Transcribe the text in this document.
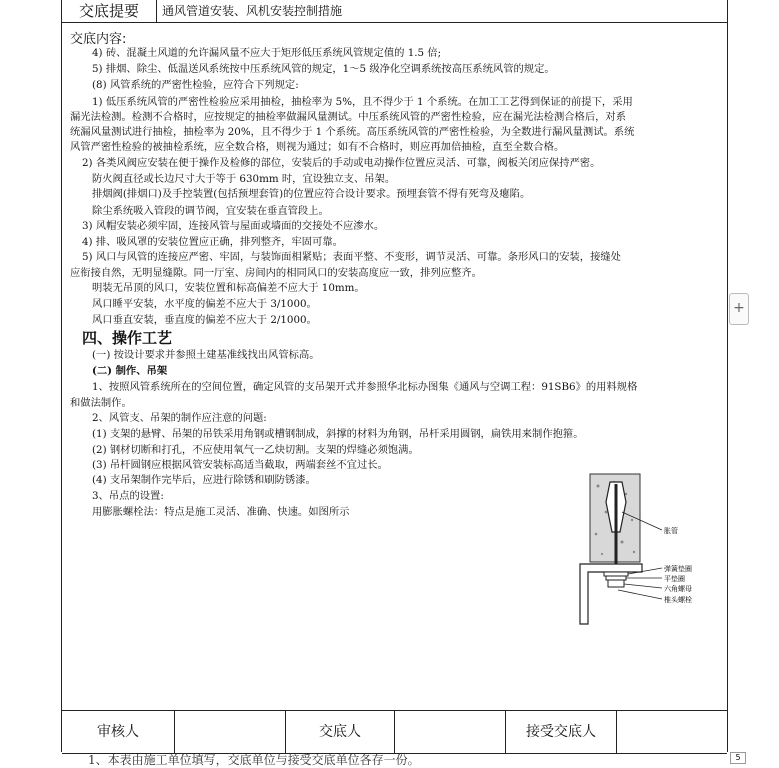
交底提要	通风管道安装、风机安装控制措施
交底内容:
4) 砖、混凝土风道的允许漏风量不应大于矩形低压系统风管规定值的 1.5 倍;
5) 排烟、除尘、低温送风系统按中压系统风管的规定，1～5 级净化空调系统按高压系统风管的规定。
(8) 风管系统的严密性检验，应符合下列规定:
1) 低压系统风管的严密性检验应采用抽检，抽检率为 5%，且不得少于 1 个系统。在加工工艺得到保证的前提下，采用
漏光法检测。检测不合格时，应按规定的抽检率做漏风量测试。中压系统风管的严密性检验，应在漏光法检测合格后，对系
统漏风量测试进行抽检，抽检率为 20%，且不得少于 1 个系统。高压系统风管的严密性检验，为全数进行漏风量测试。系统
风管严密性检验的被抽检系统，应全数合格，则视为通过；如有不合格时，则应再加倍抽检，直至全数合格。
2) 各类风阀应安装在便于操作及检修的部位，安装后的手动或电动操作位置应灵活、可靠，阀板关闭应保持严密。
防火阀直径或长边尺寸大于等于 630mm 时，宜设独立支、吊架。
排烟阀(排烟口)及手控装置(包括预埋套管)的位置应符合设计要求。预埋套管不得有死弯及瘪陷。
除尘系统吸入管段的调节阀，宜安装在垂直管段上。
3) 风帽安装必须牢固，连接风管与屋面或墙面的交接处不应渗水。
4) 排、吸风罩的安装位置应正确，排列整齐，牢固可靠。
5) 风口与风管的连接应严密、牢固，与装饰面相紧贴；表面平整、不变形，调节灵活、可靠。条形风口的安装，接缝处
应衔接自然，无明显缝隙。同一厅室、房间内的相同风口的安装高度应一致，排列应整齐。
明装无吊顶的风口，安装位置和标高偏差不应大于 10mm。
风口睡平安装，水平度的偏差不应大于 3/1000。
风口垂直安装，垂直度的偏差不应大于 2/1000。
四、操作工艺
(一) 按设计要求并参照土建基准线找出风管标高。
(二) 制作、吊架
1、按照风管系统所在的空间位置，确定风管的支吊架开式并参照华北标办图集《通风与空调工程：91SB6》的用料规格
和做法制作。
2、风管支、吊架的制作应注意的问题:
(1) 支架的悬臂、吊架的吊铁采用角钢或槽钢制成，斜撑的材料为角钢，吊杆采用圆钢，扁铁用来制作抱箍。
(2) 钢材切断和打孔，不应使用氧气一乙炔切割。支架的焊缝必须饱满。
(3) 吊杆圆钢应根据风管安装标高适当截取，两端套丝不宜过长。
(4) 支吊架制作完毕后，应进行除锈和刷防锈漆。
3、吊点的设置:
用膨胀螺栓法：特点是施工灵活、准确、快速。如图所示
审核人	交底人	接受交底人
胀管
弹簧垫圈
平垫圈
六角螺母
椎头螺栓
+
1、本表由施工单位填写，交底单位与接受交底单位各存一份。	5
